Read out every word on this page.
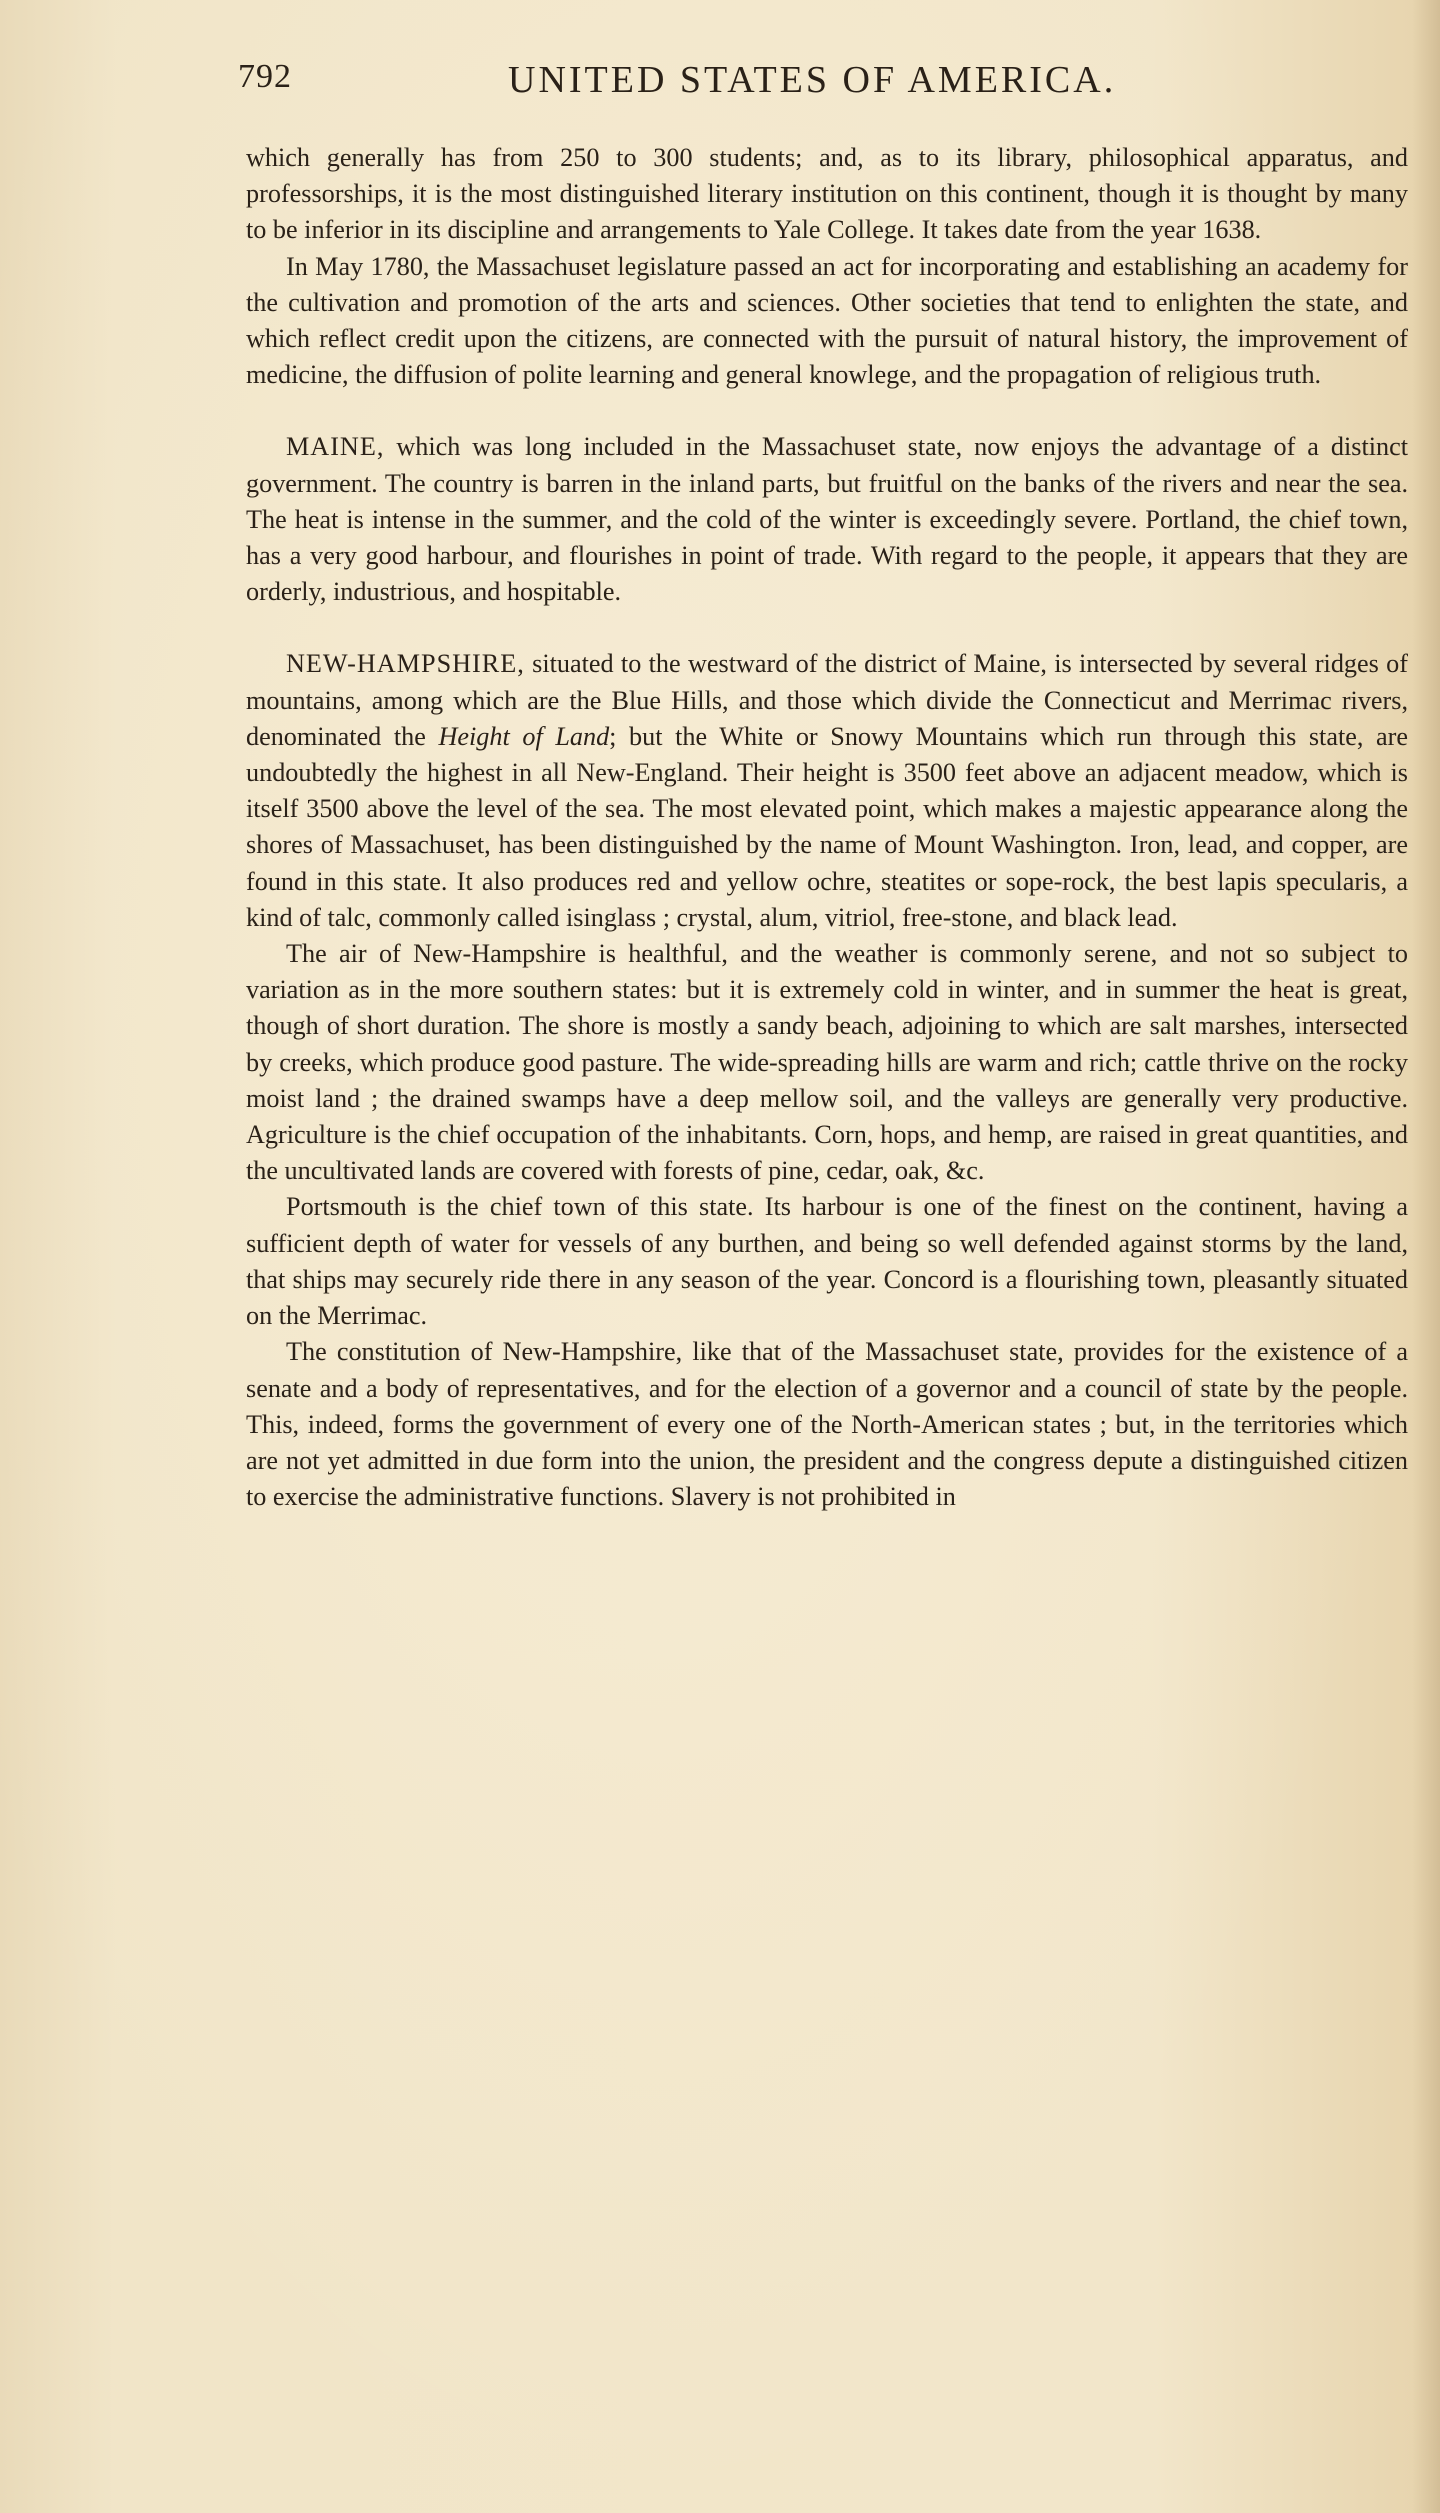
792	UNITED STATES OF AMERICA.

which generally has from 250 to 300 students; and, as to its library, philosophical apparatus, and professorships, it is the most distinguished literary institution on this continent, though it is thought by many to be inferior in its discipline and arrangements to Yale College. It takes date from the year 1638.

In May 1780, the Massachuset legislature passed an act for incorporating and establishing an academy for the cultivation and promotion of the arts and sciences. Other societies that tend to enlighten the state, and which reflect credit upon the citizens, are connected with the pursuit of natural history, the improvement of medicine, the diffusion of polite learning and general knowlege, and the propagation of religious truth.

MAINE, which was long included in the Massachuset state, now enjoys the advantage of a distinct government. The country is barren in the inland parts, but fruitful on the banks of the rivers and near the sea. The heat is intense in the summer, and the cold of the winter is exceedingly severe. Portland, the chief town, has a very good harbour, and flourishes in point of trade. With regard to the people, it appears that they are orderly, industrious, and hospitable.

NEW-HAMPSHIRE, situated to the westward of the district of Maine, is intersected by several ridges of mountains, among which are the Blue Hills, and those which divide the Connecticut and Merrimac rivers, denominated the Height of Land; but the White or Snowy Mountains which run through this state, are undoubtedly the highest in all New-England. Their height is 3500 feet above an adjacent meadow, which is itself 3500 above the level of the sea. The most elevated point, which makes a majestic appearance along the shores of Massachuset, has been distinguished by the name of Mount Washington. Iron, lead, and copper, are found in this state. It also produces red and yellow ochre, steatites or sope-rock, the best lapis specularis, a kind of talc, commonly called isinglass ; crystal, alum, vitriol, free-stone, and black lead.

The air of New-Hampshire is healthful, and the weather is commonly serene, and not so subject to variation as in the more southern states: but it is extremely cold in winter, and in summer the heat is great, though of short duration. The shore is mostly a sandy beach, adjoining to which are salt marshes, intersected by creeks, which produce good pasture. The wide-spreading hills are warm and rich; cattle thrive on the rocky moist land ; the drained swamps have a deep mellow soil, and the valleys are generally very productive. Agriculture is the chief occupation of the inhabitants. Corn, hops, and hemp, are raised in great quantities, and the uncultivated lands are covered with forests of pine, cedar, oak, &c.

Portsmouth is the chief town of this state. Its harbour is one of the finest on the continent, having a sufficient depth of water for vessels of any burthen, and being so well defended against storms by the land, that ships may securely ride there in any season of the year. Concord is a flourishing town, pleasantly situated on the Merrimac.

The constitution of New-Hampshire, like that of the Massachuset state, provides for the existence of a senate and a body of representatives, and for the election of a governor and a council of state by the people. This, indeed, forms the government of every one of the North-American states ; but, in the territories which are not yet admitted in due form into the union, the president and the congress depute a distinguished citizen to exercise the administrative functions. Slavery is not prohibited in
